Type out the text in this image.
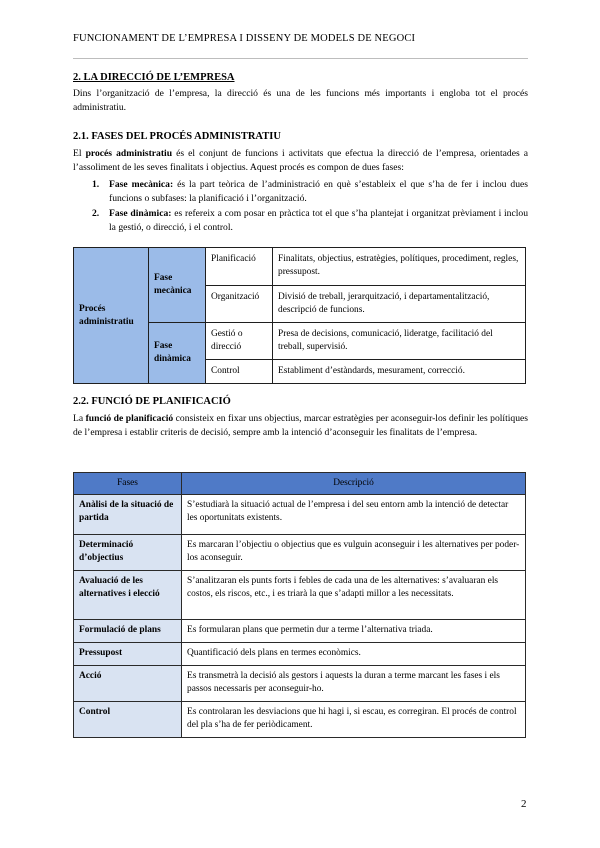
FUNCIONAMENT DE L’EMPRESA I DISSENY DE MODELS DE NEGOCI
2. LA DIRECCIÓ DE L’EMPRESA
Dins l’organització de l’empresa, la direcció és una de les funcions més importants i engloba tot el procés administratiu.
2.1. FASES DEL PROCÉS ADMINISTRATIU
El procés administratiu és el conjunt de funcions i activitats que efectua la direcció de l’empresa, orientades a l’assoliment de les seves finalitats i objectius. Aquest procés es compon de dues fases:
1. Fase mecànica: és la part teòrica de l’administració en què s’estableix el que s’ha de fer i inclou dues funcions o subfases: la planificació i l’organització.
2. Fase dinàmica: es refereix a com posar en pràctica tot el que s’ha plantejat i organitzat prèviament i inclou la gestió, o direcció, i el control.
Procés administratiu	Fase mecànica	Planificació	Finalitats, objectius, estratègies, polítiques, procediment, regles, pressupost.

		Organització	Divisió de treball, jerarquització, i departamentalització, descripció de funcions.

	Fase dinàmica	Gestió o direcció	Presa de decisions, comunicació, lideratge, facilitació del treball, supervisió.

		Control	Establiment d’estàndards, mesurament, correcció.
2.2. FUNCIÓ DE PLANIFICACIÓ
La funció de planificació consisteix en fixar uns objectius, marcar estratègies per aconseguir-los definir les polítiques de l’empresa i establir criteris de decisió, sempre amb la intenció d’aconseguir les finalitats de l’empresa.
Fases	Descripció
Anàlisi de la situació de partida	S’estudiarà la situació actual de l’empresa i del seu entorn amb la intenció de detectar les oportunitats existents.
Determinació d’objectius	Es marcaran l’objectiu o objectius que es vulguin aconseguir i les alternatives per poder-los aconseguir.
Avaluació de les alternatives i elecció	S’analitzaran els punts forts i febles de cada una de les alternatives: s’avaluaran els costos, els riscos, etc., i es triarà la que s’adapti millor a les necessitats.
Formulació de plans	Es formularan plans que permetin dur a terme l’alternativa triada.
Pressupost	Quantificació dels plans en termes econòmics.
Acció	Es transmetrà la decisió als gestors i aquests la duran a terme marcant les fases i els passos necessaris per aconseguir-ho.
Control	Es controlaran les desviacions que hi hagi i, si escau, es corregiran. El procés de control del pla s’ha de fer periòdicament.
2
